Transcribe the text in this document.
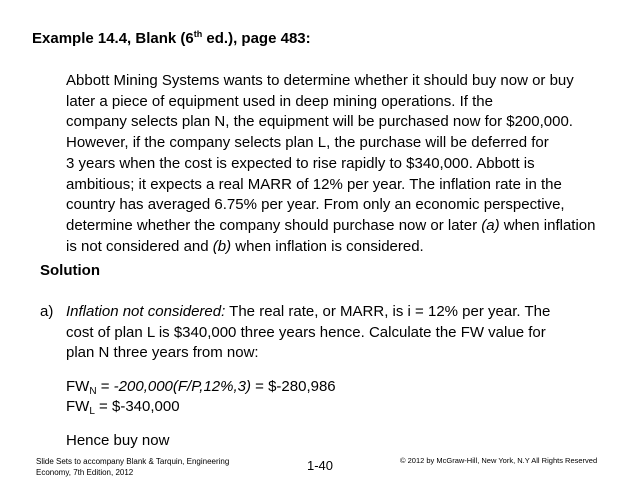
Example 14.4, Blank (6th ed.), page 483:
Abbott Mining Systems wants to determine whether it should buy now or buy
later a piece of equipment used in deep mining operations. If the
company selects plan N, the equipment will be purchased now for $200,000.
However, if the company selects plan L, the purchase will be deferred for
3 years when the cost is expected to rise rapidly to $340,000. Abbott is
ambitious; it expects a real MARR of 12% per year. The inflation rate in the
country has averaged 6.75% per year. From only an economic perspective,
determine whether the company should purchase now or later (a) when inflation
is not considered and (b) when inflation is considered.
Solution
a) Inflation not considered: The real rate, or MARR, is i = 12% per year. The
cost of plan L is $340,000 three years hence. Calculate the FW value for
plan N three years from now:
$FW_N = -200,000(F/P,12\%,3)$ = $-280,986
$FW_L$ = $-340,000
Hence buy now
Slide Sets to accompany Blank & Tarquin, Engineering Economy, 7th Edition, 2012	1-40	© 2012 by McGraw-Hill, New York, N.Y All Rights Reserved
